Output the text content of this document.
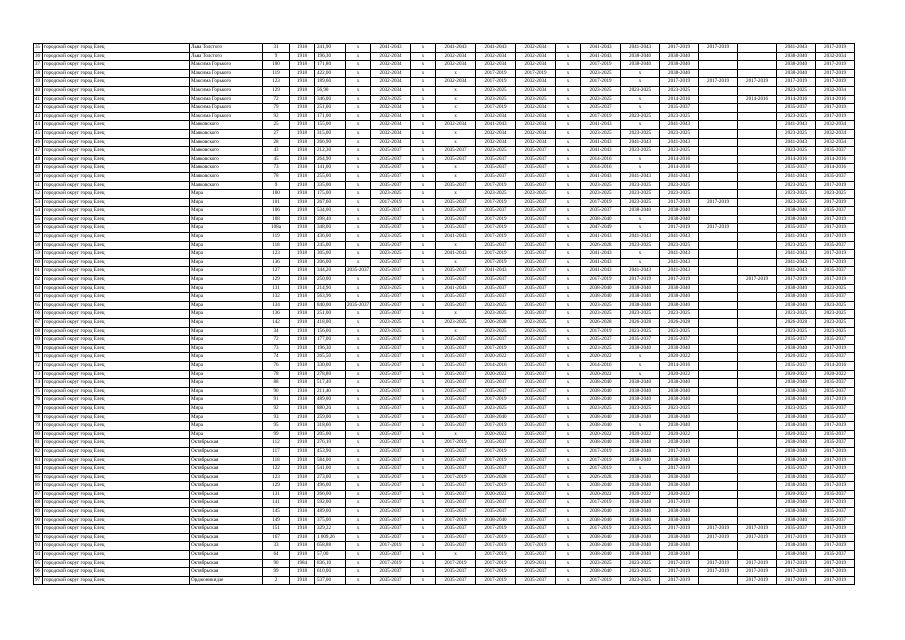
35	городской округ город Елец	Льва Толстого	31	1918	241,90	х	2041-2043	х	2041-2043	2041-2043	2032-2034	х	2041-2043	2041-2043	2017-2019	2017-2019		2041-2043	2017-2019
36	городской округ город Елец	Льва Толстого	9	1918	196,30	х	2032-2034	х	2032-2034	2032-2034	2032-2034	х	2041-2043	2038-2040	2038-2040			2038-2040	2032-2034
37	городской округ город Елец	Максима Горького	100	1918	171,80	х	2032-2034	х	2032-2034	2032-2034	2032-2034	х	2017-2019	2038-2040	2038-2040			2038-2040	2017-2019
38	городской округ город Елец	Максима Горького	119	1918	422,00	х	2032-2034	х	х	2017-2019	2017-2019	х	2023-2025	х	2038-2040			2038-2040	2017-2019
39	городской округ город Елец	Максима Горького	123	1918	189,60	х	2032-2034	х	2032-2034	2017-2019	2032-2034	х	2017-2019	х	2017-2019	2017-2019	2017-2019	2017-2019	2017-2019
40	городской округ город Елец	Максима Горького	129	1918	56,90	х	2032-2034	х	х	2023-2025	2032-2034	х	2023-2025	2023-2025	2023-2025			2023-2025	2032-2034
41	городской округ город Елец	Максима Горького	72	1918	346,00	х	2023-2025	х	х	2023-2025	2023-2025	х	2023-2025	х	2014-2016		2014-2016	2014-2016	2014-2016
42	городской округ город Елец	Максима Горького	79	1918	251,00	х	2032-2034	х	х	2017-2019	2032-2034	х	2035-2037	х	2035-2037			2035-2037	2017-2019
43	городской округ город Елец	Максима Горького	92	1918	171,00	х	2032-2034	х	х	2032-2034	2032-2034	х	2017-2019	2023-2025	2023-2025			2023-2025	2017-2019
44	городской округ город Елец	Маяковского	25	1918	155,00	х	2032-2034	х	2032-2034	2041-2043	2032-2034	х	2041-2043	х	2041-2043			2041-2043	2032-2034
45	городской округ город Елец	Маяковского	27	1918	315,00	х	2032-2034	х	х	2032-2034	2032-2034	х	2023-2025	2023-2025	2023-2025			2023-2025	2032-2034
46	городской округ город Елец	Маяковского	28	1918	266,90	х	2032-2034	х	х	2032-2034	2032-2034	х	2041-2043	2041-2043	2041-2043			2041-2043	2032-2034
47	городской округ город Елец	Маяковского	43	1918	212,30	х	2035-2037	х	2035-2037	2023-2025	2035-2037	х	2041-2043	2023-2025	2023-2025			2023-2025	2035-2037
48	городской округ город Елец	Маяковского	45	1918	264,90	х	2035-2037	х	2035-2037	2035-2037	2035-2037	х	2014-2016	х	2014-2016			2014-2016	2014-2016
49	городской округ город Елец	Маяковского	73	1918	141,00	х	2035-2037	х	х	2035-2037	2035-2037	х	2014-2016	х	2014-2016			2035-2037	2014-2016
50	городской округ город Елец	Маяковского	78	1918	255,00	х	2035-2037	х	х	2035-2037	2035-2037	х	2041-2043	2041-2043	2041-2043			2041-2043	2035-2037
51	городской округ город Елец	Маяковского	9	1918	335,00	х	2035-2037	х	2035-2037	2017-2019	2035-2037	х	2023-2025	2023-2025	2023-2025			2023-2025	2017-2019
52	городской округ город Елец	Мира	100	1918	175,00	х	2023-2025	х	х	2023-2025	2023-2025	х	2023-2025	2023-2025	2023-2025			2023-2025	2023-2025
53	городской округ город Елец	Мира	101	1918	267,60	х	2017-2019	х	2035-2037	2017-2019	2035-2037	х	2017-2019	2023-2025	2017-2019	2017-2019		2023-2025	2017-2019
54	городской округ город Елец	Мира	106	1918	534,00	х	2035-2037	х	2035-2037	2035-2037	2035-2037	х	2035-2037	2038-2040	2038-2040			2038-2040	2035-2037
55	городской округ город Елец	Мира	108	1918	398,40	х	2035-2037	х	2035-2037	2017-2019	2035-2037	х	2038-2040	х	2038-2040			2038-2040	2017-2019
56	городской округ город Елец	Мира	108а	1918	348,00	х	2035-2037	х	2035-2037	2017-2019	2035-2037	х	2047-2049	х	2017-2019	2017-2019		2035-2037	2017-2019
57	городской округ город Елец	Мира	119	1918	436,00	х	2023-2025	х	2041-2043	2017-2019	2035-2037	х	2041-2043	2041-2043	2041-2043			2041-2043	2017-2019
58	городской округ город Елец	Мира	118	1918	245,00	х	2035-2037	х	х	2035-2037	2035-2037	х	2026-2028	2023-2025	2023-2025			2023-2025	2035-2037
59	городской округ город Елец	Мира	123	1918	305,00	х	2023-2025	х	2041-2043	2017-2019	2035-2037	х	2041-2043	х	2041-2043			2041-2043	2017-2019
60	городской округ город Елец	Мира	136	1918	206,00	х	2035-2037	х	х	2017-2019	2035-2037	х	2041-2043	х	2041-2043			2041-2043	2017-2019
61	городской округ город Елец	Мира	127	1918	344,20	2035-2037	2035-2037	х	2035-2037	2041-2043	2035-2037	х	2041-2043	2041-2043	2041-2043			2041-2043	2035-2037
62	городской округ город Елец	Мира	129	1918	250,00	х	2035-2037	х	2035-2037	2035-2037	2035-2037	х	2017-2019	2017-2019	2017-2019		2017-2019	2017-2019	2017-2019
63	городской округ город Елец	Мира	131	1918	214,90	х	2023-2025	х	2041-2043	2035-2037	2035-2037	х	2038-2040	2038-2040	2038-2040			2038-2040	2023-2025
64	городской округ город Елец	Мира	132	1918	563,96	х	2035-2037	х	2035-2037	2035-2037	2035-2037	х	2038-2040	2038-2040	2038-2040			2038-2040	2035-2037
65	городской округ город Елец	Мира	134	1918	840,00	2035-2037	2035-2037	х	2035-2037	2023-2025	2035-2037	х	2023-2025	2038-2040	2038-2040			2038-2040	2023-2025
66	городской округ город Елец	Мира	136	1918	251,00	х	2035-2037	х	х	2023-2025	2035-2037	х	2023-2025	2023-2025	2023-2025			2023-2025	2023-2025
67	городской округ город Елец	Мира	142	1918	418,00	х	2023-2025	х	2023-2025	2026-2028	2023-2025	х	2026-2028	2026-2028	2026-2028			2026-2028	2023-2025
68	городской округ город Елец	Мира	34	1918	156,00	х	2023-2025	х	х	2023-2025	2023-2025	х	2017-2019	2023-2025	2023-2025			2023-2025	2023-2025
69	городской округ город Елец	Мира	72	1918	177,00	х	2035-2037	х	2035-2037	2035-2037	2035-2037	х	2035-2037	2035-2037	2035-2037			2035-2037	2035-2037
70	городской округ город Елец	Мира	73	1918	196,30	х	2035-2037	х	2035-2037	2017-2019	2035-2037	х	2023-2025	2038-2040	2038-2040			2038-2040	2017-2019
71	городской округ город Елец	Мира	74	1918	265,50	х	2035-2037	х	2035-2037	2020-2022	2035-2037	х	2020-2022	х	2020-2022			2020-2022	2035-2037
72	городской округ город Елец	Мира	76	1918	330,00	х	2035-2037	х	2035-2037	2014-2016	2035-2037	х	2014-2016	х	2014-2016			2035-2037	2014-2016
73	городской округ город Елец	Мира	78	1918	278,80	х	2035-2037	х	2035-2037	2020-2022	2035-2037	х	2020-2022	х	2020-2022			2020-2022	2020-2022
74	городской округ город Елец	Мира	88	1918	517,40	х	2035-2037	х	2035-2037	2035-2037	2035-2037	х	2038-2040	2038-2040	2038-2040			2038-2040	2035-2037
75	городской округ город Елец	Мира	90	1918	211,40	х	2035-2037	х	2035-2037	2035-2037	2035-2037	х	2038-2040	2038-2040	2038-2040			2038-2040	2035-2037
76	городской округ город Елец	Мира	91	1918	489,00	х	2035-2037	х	2035-2037	2017-2019	2035-2037	х	2038-2040	2038-2040	2038-2040			2038-2040	2017-2019
77	городской округ город Елец	Мира	92	1918	880,20	х	2035-2037	х	2035-2037	2023-2025	2035-2037	х	2023-2025	2023-2025	2023-2025			2023-2025	2035-2037
78	городской округ город Елец	Мира	93	1918	259,00	х	2035-2037	х	2035-2037	2038-2040	2035-2037	х	2038-2040	2038-2040	2038-2040			2038-2040	2035-2037
79	городской округ город Елец	Мира	95	1918	318,60	х	2035-2037	х	2035-2037	2017-2019	2035-2037	х	2038-2040	х	2038-2040			2038-2040	2017-2019
80	городской округ город Елец	Мира	99	1918	205,00	х	2035-2037	х	х	2020-2022	2035-2037	х	2020-2022	2020-2022	2020-2022			2020-2022	2035-2037
81	городской округ город Елец	Октябрьская	112	1918	276,10	х	2035-2037	х	2017-2019	2035-2037	2035-2037	х	2038-2040	2038-2040	2038-2040			2038-2040	2035-2037
82	городской округ город Елец	Октябрьская	117	1918	453,90	х	2035-2037	х	2035-2037	2017-2019	2035-2037	х	2017-2019	2038-2040	2017-2019			2038-2040	2017-2019
83	городской округ город Елец	Октябрьская	118	1918	584,00	х	2035-2037	х	2035-2037	2017-2019	2035-2037	х	2017-2019	2038-2040	2038-2040			2038-2040	2017-2019
84	городской округ город Елец	Октябрьская	122	1918	541,00	х	2035-2037	х	2035-2037	2035-2037	2035-2037	х	2017-2019	х	2017-2019			2035-2037	2017-2019
85	городской округ город Елец	Октябрьская	123	1918	273,00	х	2035-2037	х	2017-2019	2026-2028	2035-2037	х	2026-2028	2038-2040	2038-2040			2038-2040	2035-2037
86	городской округ город Елец	Октябрьская	129	1918	496,00	х	2035-2037	х	2035-2037	2017-2019	2035-2037	х	2038-2040	2038-2040	2038-2040			2038-2040	2017-2019
87	городской округ город Елец	Октябрьская	131	1918	266,00	х	2035-2037	х	2035-2037	2020-2022	2035-2037	х	2020-2022	2020-2022	2020-2022			2020-2022	2035-2037
88	городской округ город Елец	Октябрьская	141	1918	592,00	х	2035-2037	х	2035-2037	2035-2037	2035-2037	х	2017-2019	2038-2040	2017-2019			2038-2040	2017-2019
89	городской округ город Елец	Октябрьская	145	1918	489,00	х	2035-2037	х	2035-2037	2035-2037	2035-2037	х	2038-2040	2038-2040	2038-2040			2038-2040	2035-2037
90	городской округ город Елец	Октябрьская	149	1918	375,00	х	2035-2037	х	2017-2019	2038-2040	2035-2037	х	2038-2040	2038-2040	2038-2040			2038-2040	2035-2037
91	городской округ город Елец	Октябрьская	151	1918	329,22	х	2035-2037	х	2035-2037	2017-2019	2035-2037	х	2017-2019	2023-2025	2017-2019	2017-2019	2017-2019	2035-2037	2017-2019
92	городской округ город Елец	Октябрьская	167	1918	1 009,26	х	2035-2037	х	2035-2037	2017-2019	2035-2037	х	2038-2040	2038-2040	2038-2040	2017-2019	2017-2019	2017-2019	2017-2019
93	городской округ город Елец	Октябрьская	33	1918	658,88	х	2017-2019	х	2035-2037	2017-2019	2017-2019	х	2038-2040	2038-2040	2038-2040			2038-2040	2017-2019
94	городской округ город Елец	Октябрьская	64	1918	57,00	х	2035-2037	х	х	2017-2019	2035-2037	х	2038-2040	2038-2040	2038-2040			2038-2040	2035-2037
95	городской округ город Елец	Октябрьская	90	1984	836,10	х	2017-2019	х	2017-2019	2017-2019	2029-2031	х	2023-2025	2023-2025	2017-2019	2017-2019	2017-2019	2017-2019	2017-2019
96	городской округ город Елец	Октябрьская	99	1918	610,00	х	2035-2037	х	2035-2037	2017-2019	2035-2037	х	2038-2040	2023-2025	2017-2019	2017-2019	2017-2019	2017-2019	2017-2019
97	городской округ город Елец	Орджоникидзе	2	1918	537,00	х	2035-2037	х	2035-2037	2017-2019	2035-2037	х	2017-2019	2023-2025	2017-2019		2017-2019	2017-2019	2017-2019
